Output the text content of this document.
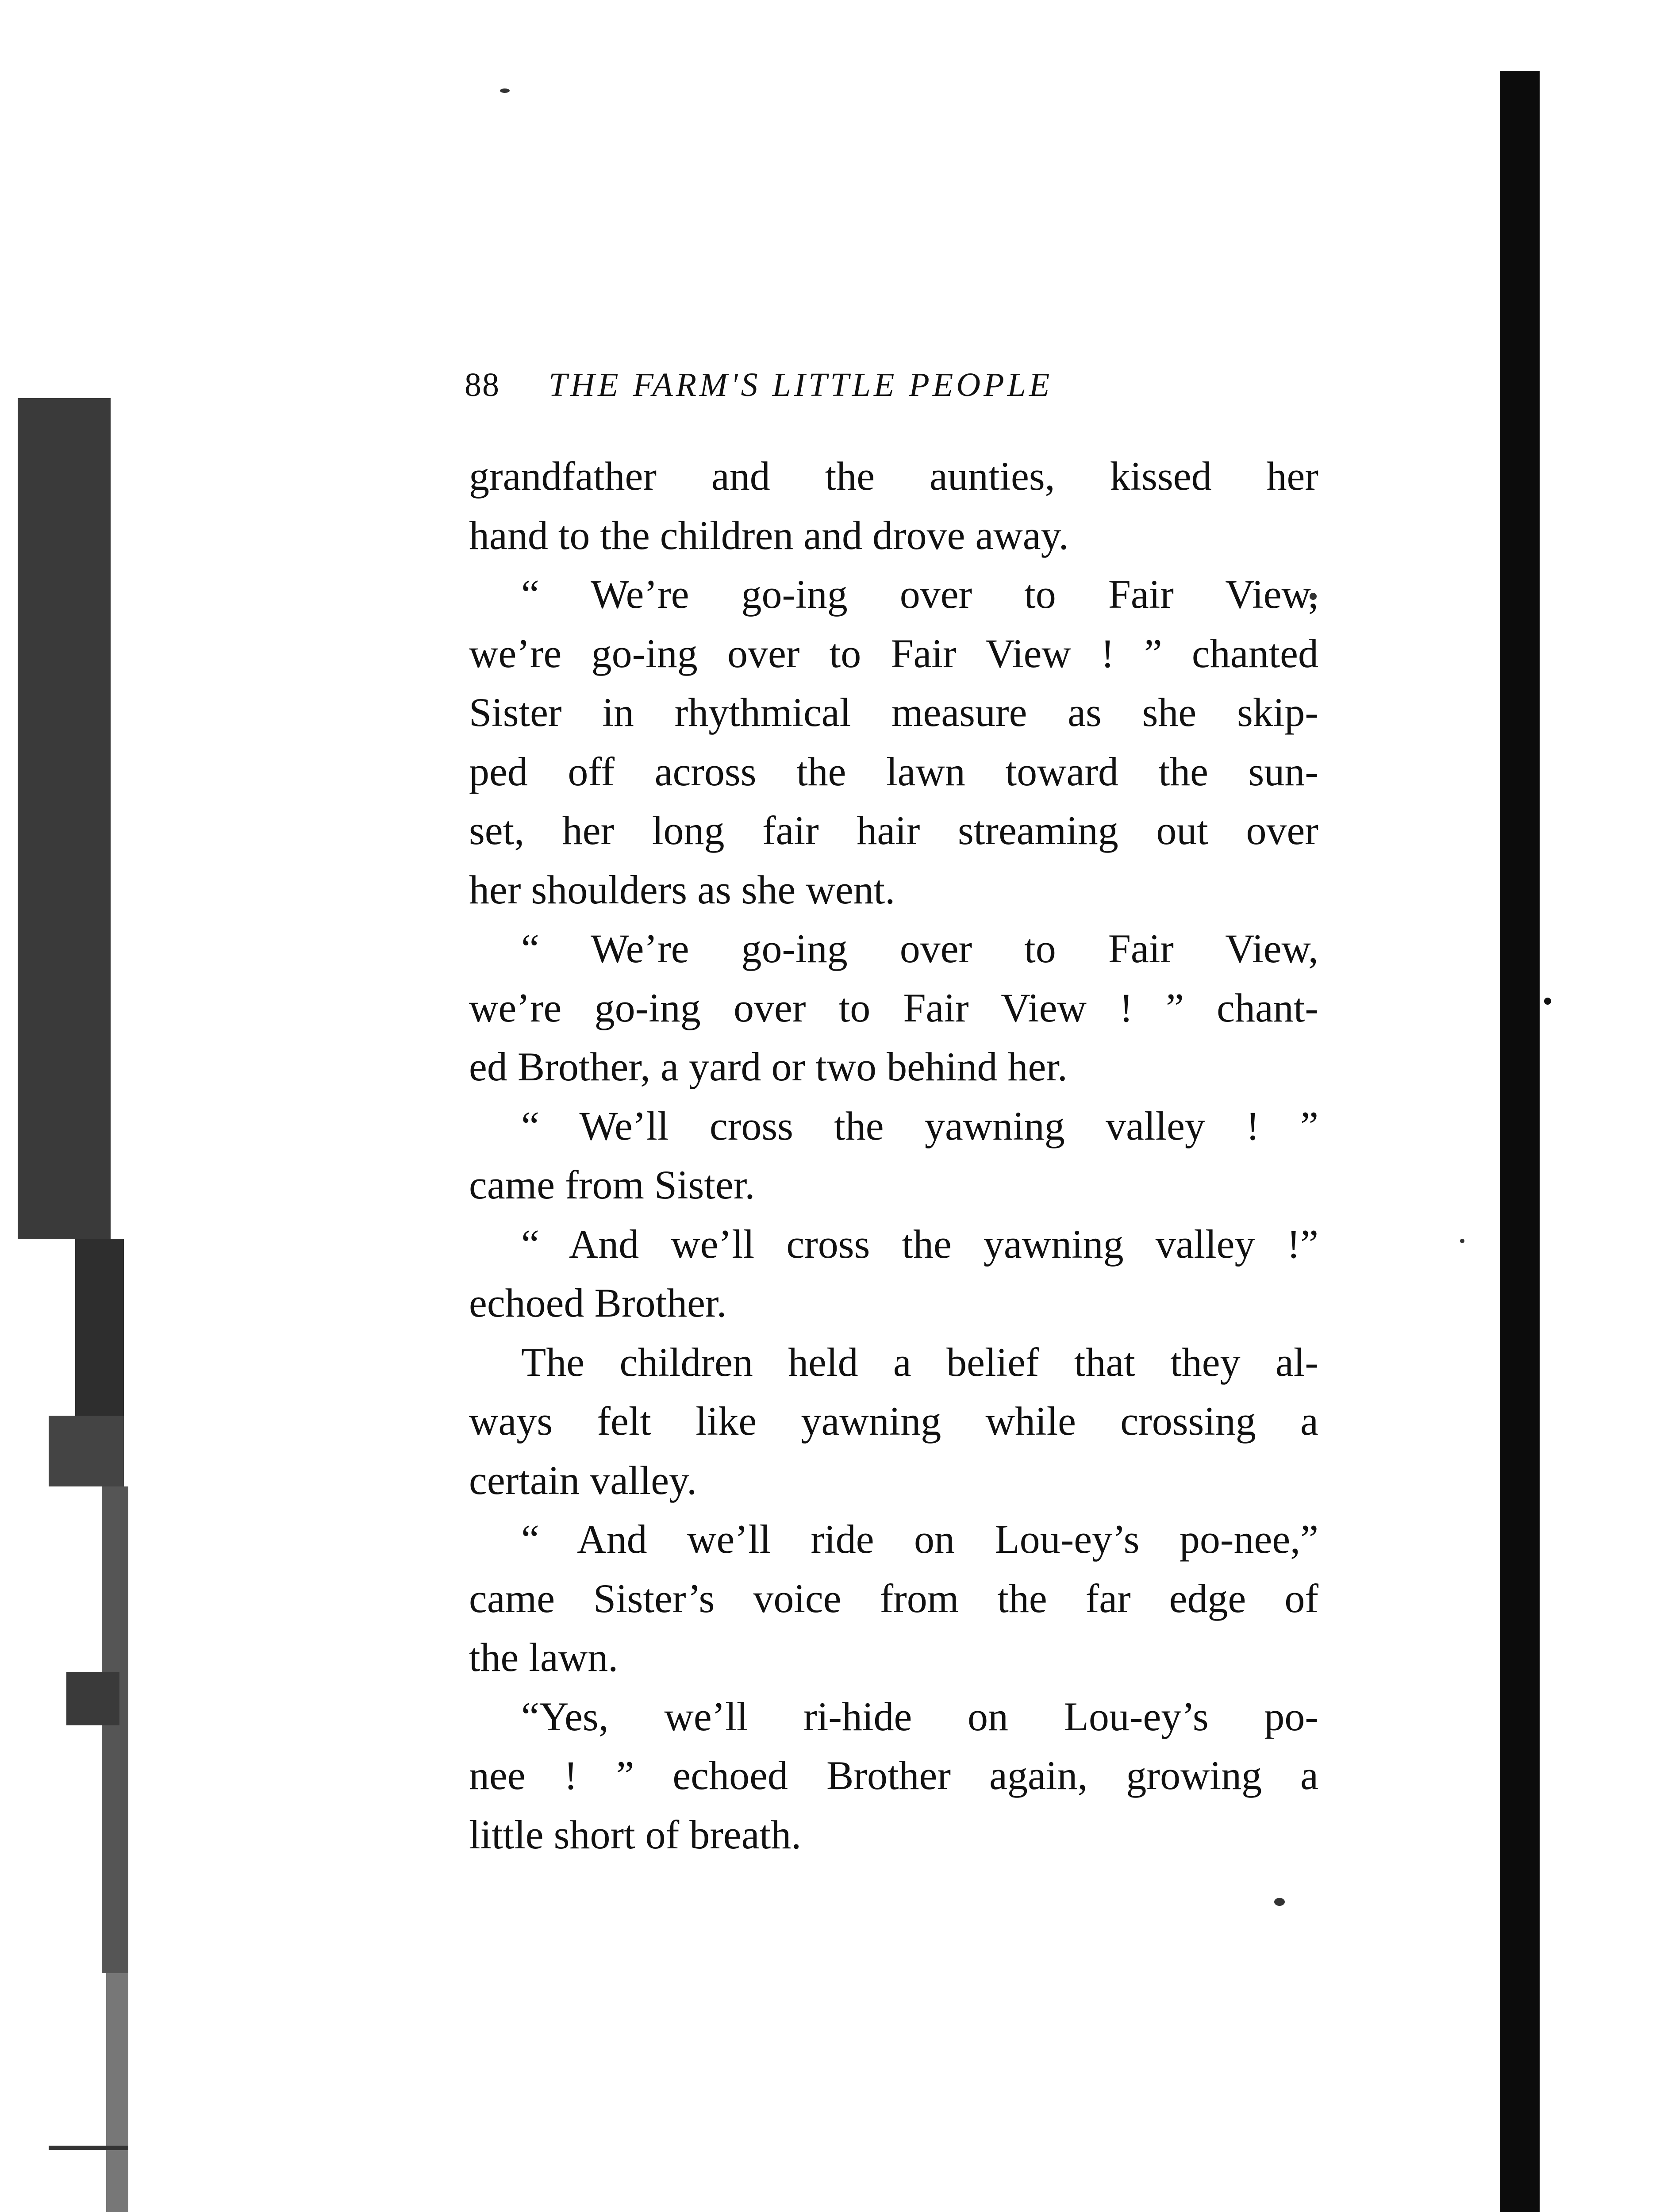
88 THE FARM'S LITTLE PEOPLE
grandfather and the aunties, kissed her
hand to the children and drove away.
“ We’re go-ing over to Fair View,
we’re go-ing over to Fair View ! ” chanted
Sister in rhythmical measure as she skip-
ped off across the lawn toward the sun-
set, her long fair hair streaming out over
her shoulders as she went.
“ We’re go-ing over to Fair View,
we’re go-ing over to Fair View ! ” chant-
ed Brother, a yard or two behind her.
“ We’ll cross the yawning valley ! ”
came from Sister.
“ And we’ll cross the yawning valley !”
echoed Brother.
The children held a belief that they al-
ways felt like yawning while crossing a
certain valley.
“ And we’ll ride on Lou-ey’s po-nee,”
came Sister’s voice from the far edge of
the lawn.
“Yes, we’ll ri-hide on Lou-ey’s po-
nee ! ” echoed Brother again, growing a
little short of breath.
